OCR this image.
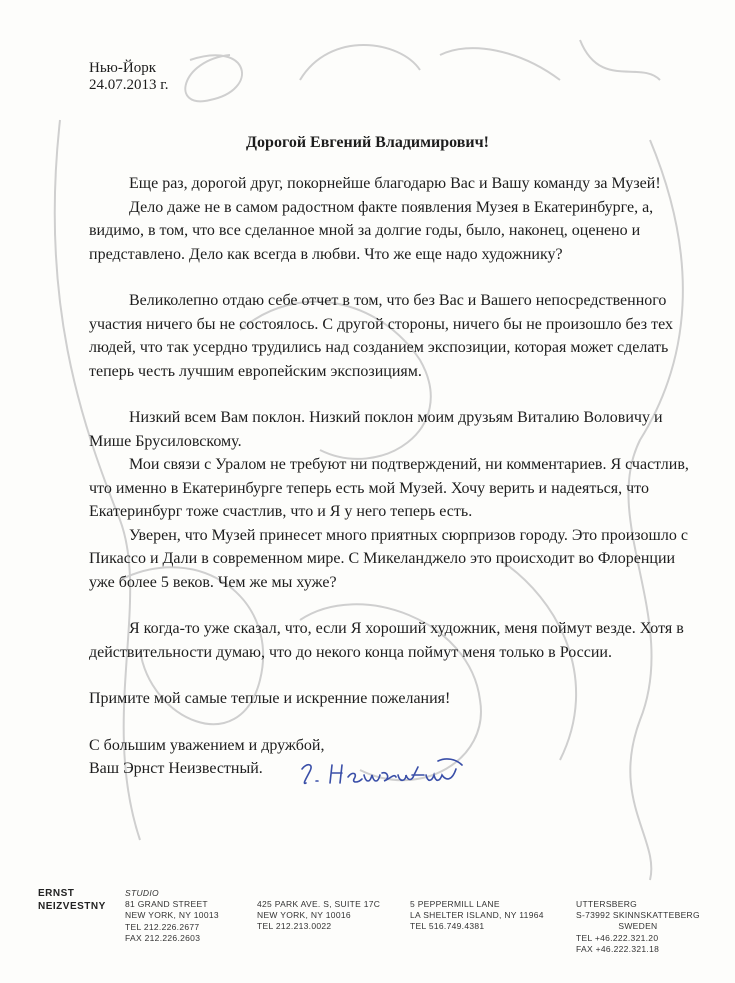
Нью-Йорк
24.07.2013 г.
Дорогой Евгений Владимирович!

Еще раз, дорогой друг, покорнейше благодарю Вас и Вашу команду за Музей!

Дело даже не в самом радостном факте появления Музея в Екатеринбурге, а, видимо, в том, что все сделанное мной за долгие годы, было, наконец, оценено и представлено. Дело как всегда в любви. Что же еще надо художнику?

Великолепно отдаю себе отчет в том, что без Вас и Вашего непосредственного участия ничего бы не состоялось. С другой стороны, ничего бы не произошло без тех людей, что так усердно трудились над созданием экспозиции, которая может сделать теперь честь лучшим европейским экспозициям.

Низкий всем Вам поклон. Низкий поклон моим друзьям Виталию Воловичу и Мише Брусиловскому.

Мои связи с Уралом не требуют ни подтверждений, ни комментариев. Я счастлив, что именно в Екатеринбурге теперь есть мой Музей. Хочу верить и надеяться, что Екатеринбург тоже счастлив, что и Я у него теперь есть.

Уверен, что Музей принесет много приятных сюрпризов городу. Это произошло с Пикассо и Дали в современном мире. С Микеланджело это происходит во Флоренции уже более 5 веков. Чем же мы хуже?

Я когда-то уже сказал, что, если Я хороший художник, меня поймут везде. Хотя в действительности думаю, что до некого конца поймут меня только в России.

Примите мой самые теплые и искренние пожелания!

С большим уважением и дружбой,

Ваш Эрнст Неизвестный.

ERNST
NEIZVESTNY
STUDIO
81 GRAND STREET
NEW YORK, NY 10013
TEL 212.226.2677
FAX 212.226.2603
425 PARK AVE. S, SUITE 17C
NEW YORK, NY 10016
TEL 212.213.0022
5 PEPPERMILL LANE
LA SHELTER ISLAND, NY 11964
TEL 516.749.4381
UTTERSBERG
S-73992 SKINNSKATTEBERG
SWEDEN
TEL +46.222.321.20
FAX +46.222.321.18
